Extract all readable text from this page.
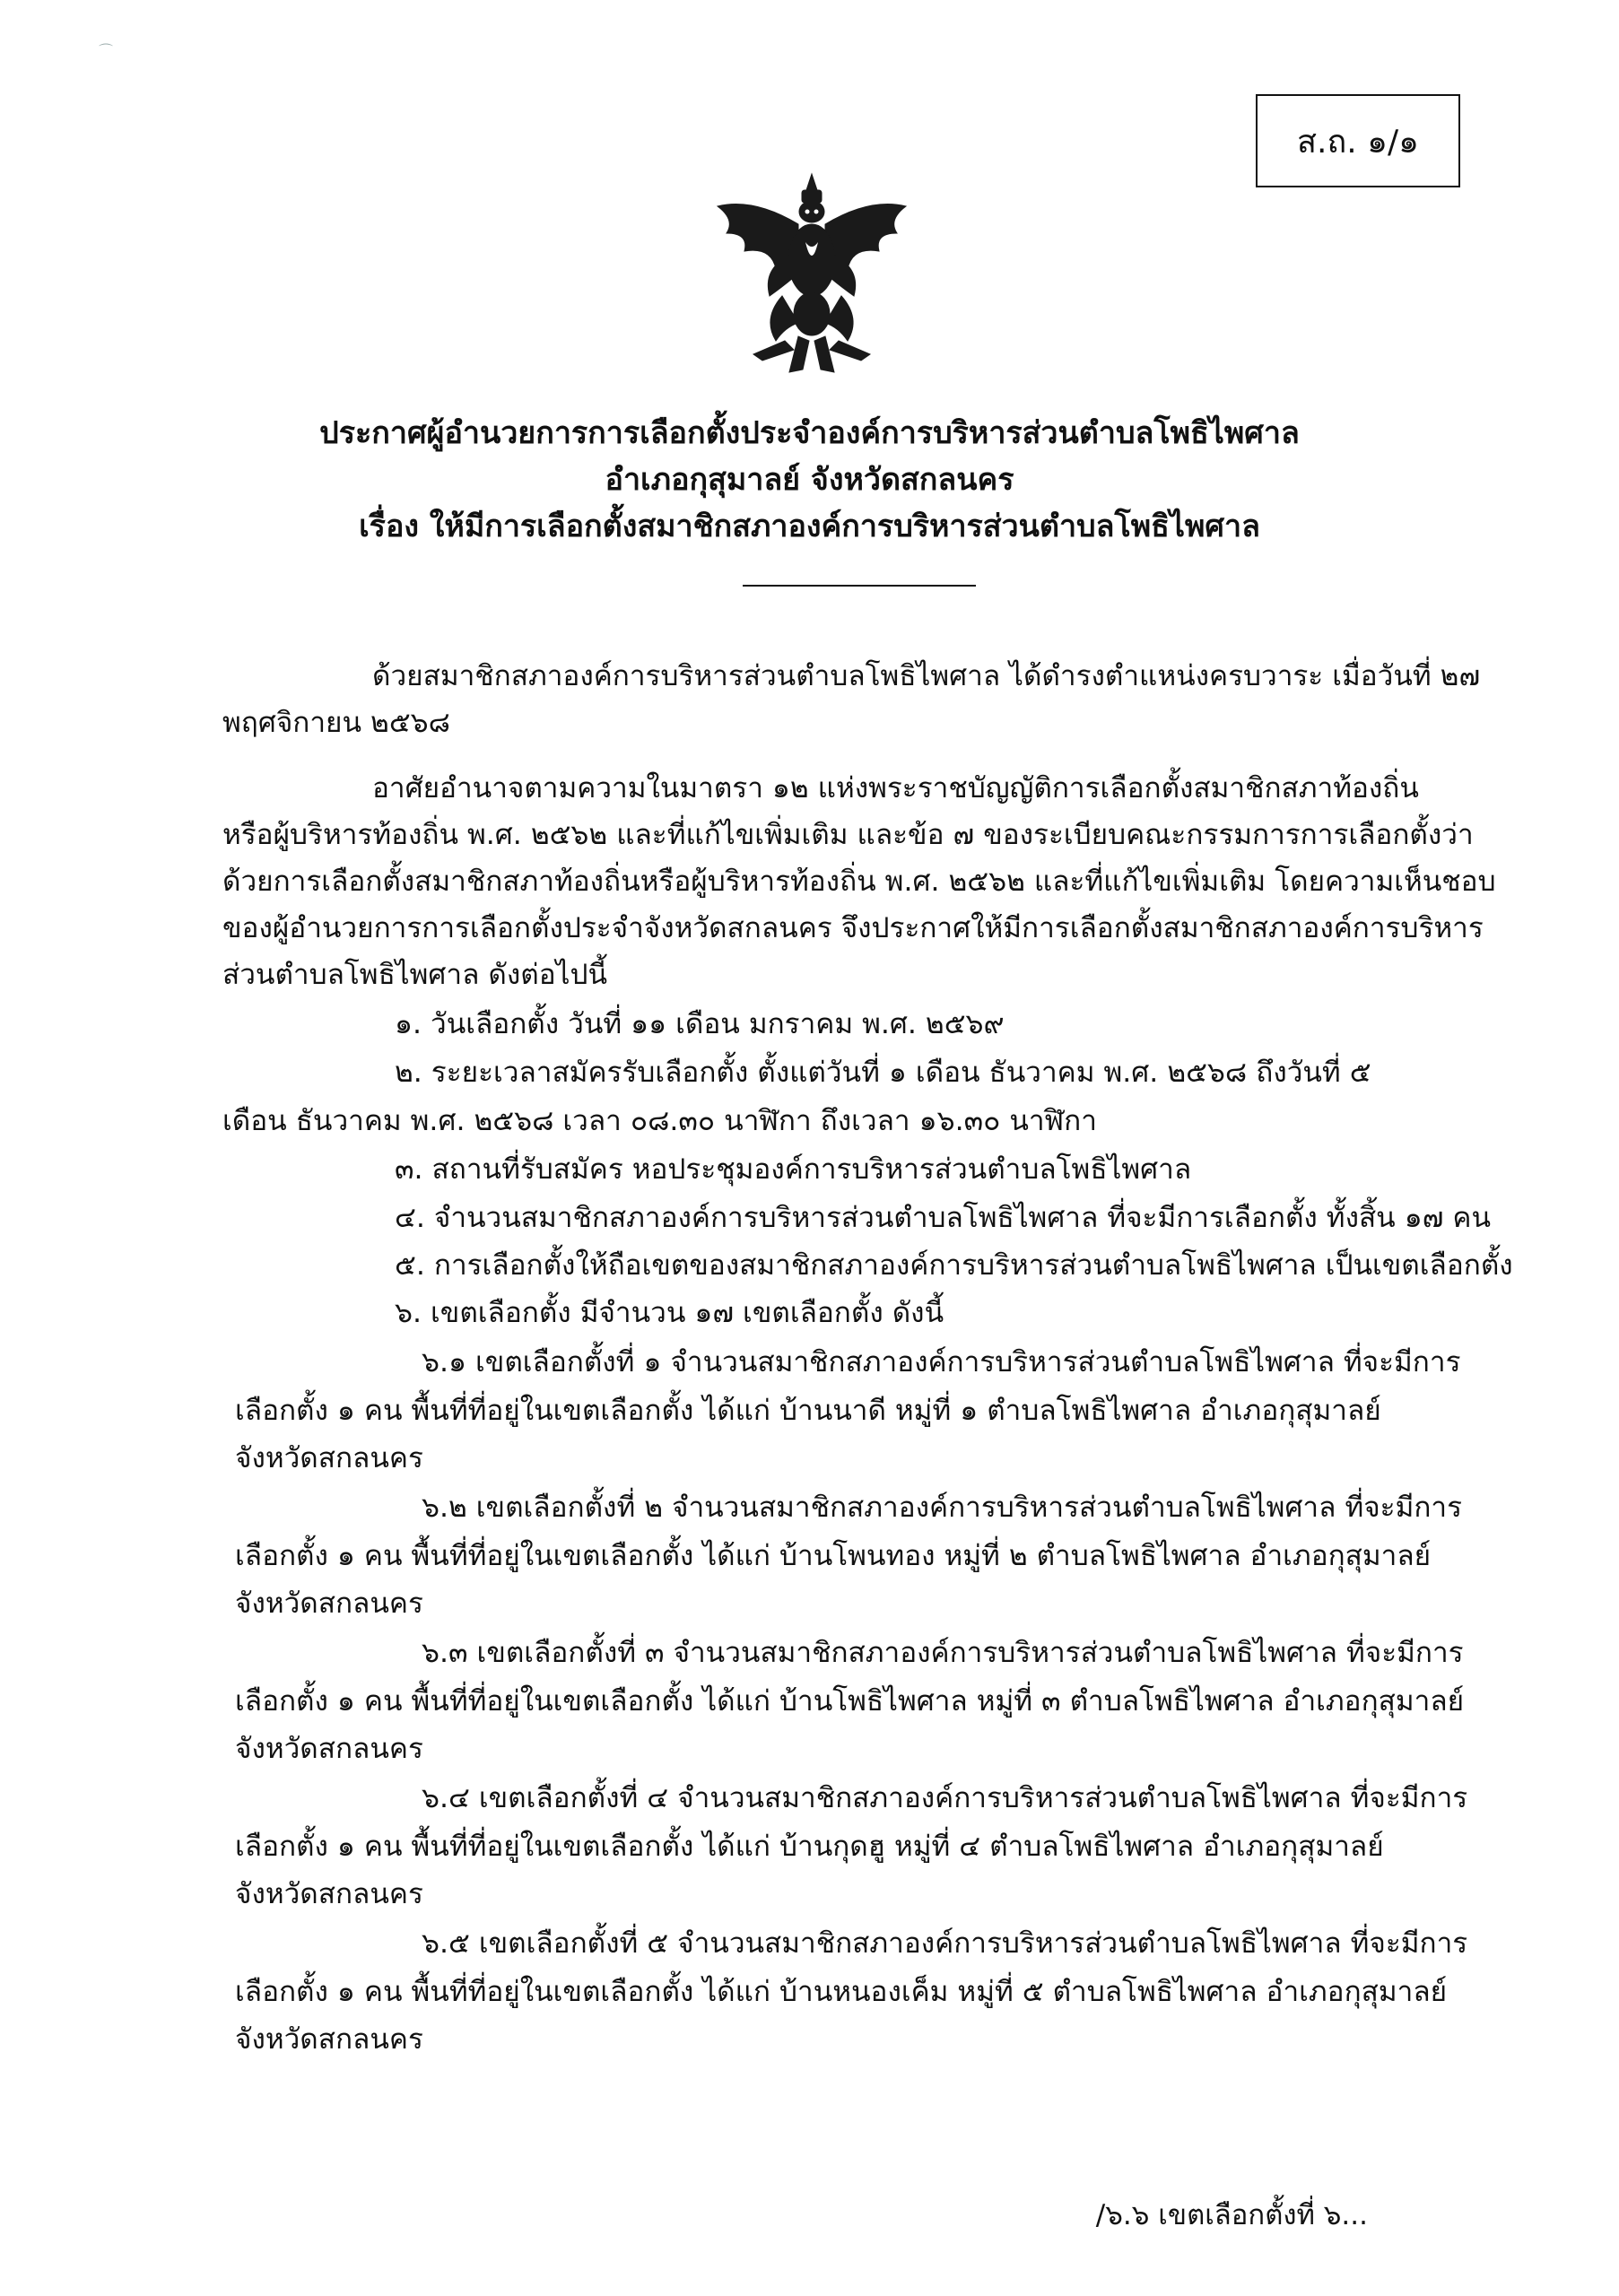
⌒
ส.ถ. ๑/๑
ประกาศผู้อำนวยการการเลือกตั้งประจำองค์การบริหารส่วนตำบลโพธิไพศาล
อำเภอกุสุมาลย์ จังหวัดสกลนคร
เรื่อง ให้มีการเลือกตั้งสมาชิกสภาองค์การบริหารส่วนตำบลโพธิไพศาล
ด้วยสมาชิกสภาองค์การบริหารส่วนตำบลโพธิไพศาล ได้ดำรงตำแหน่งครบวาระ เมื่อวันที่ ๒๗
พฤศจิกายน ๒๕๖๘
อาศัยอำนาจตามความในมาตรา ๑๒ แห่งพระราชบัญญัติการเลือกตั้งสมาชิกสภาท้องถิ่น
หรือผู้บริหารท้องถิ่น พ.ศ. ๒๕๖๒ และที่แก้ไขเพิ่มเติม และข้อ ๗ ของระเบียบคณะกรรมการการเลือกตั้งว่า
ด้วยการเลือกตั้งสมาชิกสภาท้องถิ่นหรือผู้บริหารท้องถิ่น พ.ศ. ๒๕๖๒ และที่แก้ไขเพิ่มเติม โดยความเห็นชอบ
ของผู้อำนวยการการเลือกตั้งประจำจังหวัดสกลนคร จึงประกาศให้มีการเลือกตั้งสมาชิกสภาองค์การบริหาร
ส่วนตำบลโพธิไพศาล ดังต่อไปนี้
๑. วันเลือกตั้ง วันที่ ๑๑ เดือน มกราคม พ.ศ. ๒๕๖๙
๒. ระยะเวลาสมัครรับเลือกตั้ง ตั้งแต่วันที่ ๑ เดือน ธันวาคม พ.ศ. ๒๕๖๘ ถึงวันที่ ๕
เดือน ธันวาคม พ.ศ. ๒๕๖๘ เวลา ๐๘.๓๐ นาฬิกา ถึงเวลา ๑๖.๓๐ นาฬิกา
๓. สถานที่รับสมัคร หอประชุมองค์การบริหารส่วนตำบลโพธิไพศาล
๔. จำนวนสมาชิกสภาองค์การบริหารส่วนตำบลโพธิไพศาล ที่จะมีการเลือกตั้ง ทั้งสิ้น ๑๗ คน
๕. การเลือกตั้งให้ถือเขตของสมาชิกสภาองค์การบริหารส่วนตำบลโพธิไพศาล เป็นเขตเลือกตั้ง
๖. เขตเลือกตั้ง มีจำนวน ๑๗ เขตเลือกตั้ง ดังนี้
๖.๑ เขตเลือกตั้งที่ ๑ จำนวนสมาชิกสภาองค์การบริหารส่วนตำบลโพธิไพศาล ที่จะมีการ
เลือกตั้ง ๑ คน พื้นที่ที่อยู่ในเขตเลือกตั้ง ได้แก่ บ้านนาดี หมู่ที่ ๑ ตำบลโพธิไพศาล อำเภอกุสุมาลย์
จังหวัดสกลนคร
๖.๒ เขตเลือกตั้งที่ ๒ จำนวนสมาชิกสภาองค์การบริหารส่วนตำบลโพธิไพศาล ที่จะมีการ
เลือกตั้ง ๑ คน พื้นที่ที่อยู่ในเขตเลือกตั้ง ได้แก่ บ้านโพนทอง หมู่ที่ ๒ ตำบลโพธิไพศาล อำเภอกุสุมาลย์
จังหวัดสกลนคร
๖.๓ เขตเลือกตั้งที่ ๓ จำนวนสมาชิกสภาองค์การบริหารส่วนตำบลโพธิไพศาล ที่จะมีการ
เลือกตั้ง ๑ คน พื้นที่ที่อยู่ในเขตเลือกตั้ง ได้แก่ บ้านโพธิไพศาล หมู่ที่ ๓ ตำบลโพธิไพศาล อำเภอกุสุมาลย์
จังหวัดสกลนคร
๖.๔ เขตเลือกตั้งที่ ๔ จำนวนสมาชิกสภาองค์การบริหารส่วนตำบลโพธิไพศาล ที่จะมีการ
เลือกตั้ง ๑ คน พื้นที่ที่อยู่ในเขตเลือกตั้ง ได้แก่ บ้านกุดฮู หมู่ที่ ๔ ตำบลโพธิไพศาล อำเภอกุสุมาลย์
จังหวัดสกลนคร
๖.๕ เขตเลือกตั้งที่ ๕ จำนวนสมาชิกสภาองค์การบริหารส่วนตำบลโพธิไพศาล ที่จะมีการ
เลือกตั้ง ๑ คน พื้นที่ที่อยู่ในเขตเลือกตั้ง ได้แก่ บ้านหนองเค็ม หมู่ที่ ๕ ตำบลโพธิไพศาล อำเภอกุสุมาลย์
จังหวัดสกลนคร
/๖.๖ เขตเลือกตั้งที่ ๖...
